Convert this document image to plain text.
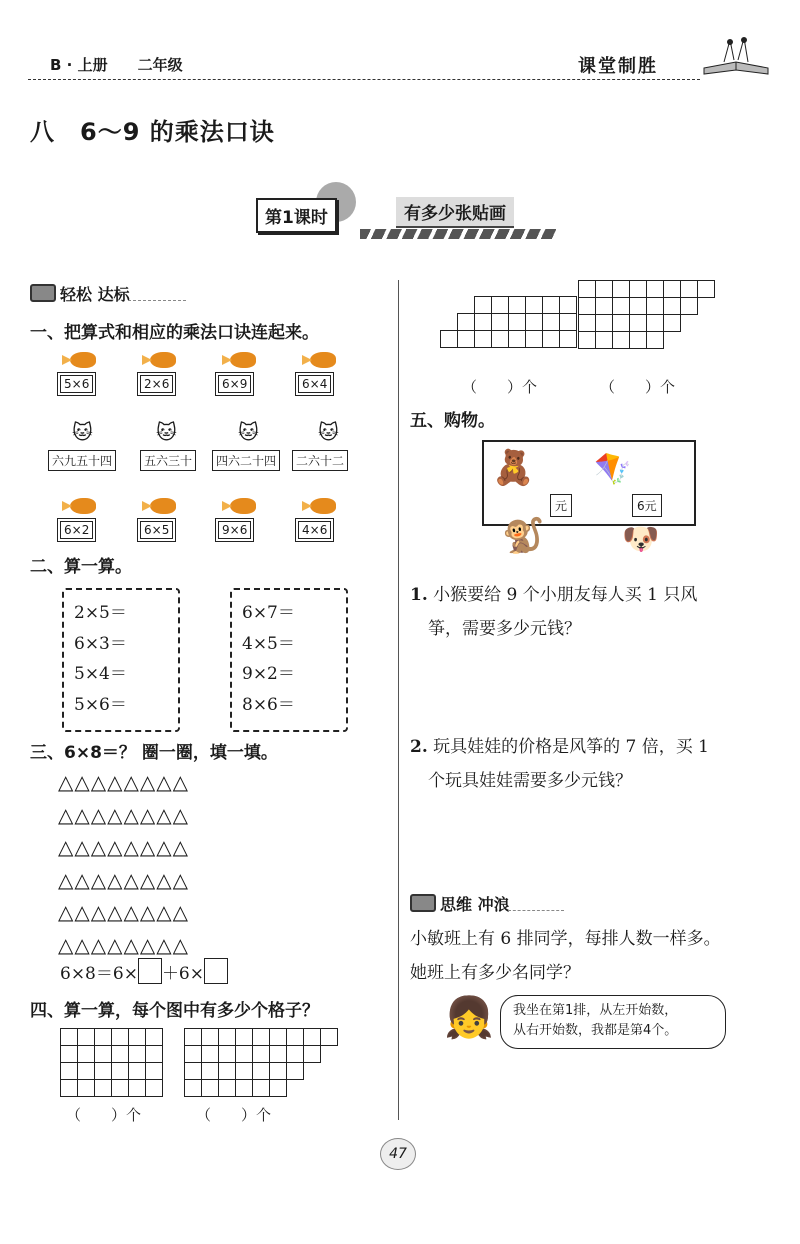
B · 上册　　二年级	课堂制胜
八　6～9 的乘法口诀
第1课时	有多少张贴画
轻松 达标
一、把算式和相应的乘法口诀连起来。
5×6	2×6	6×9	6×4
🐱	🐱	🐱	🐱
六九五十四	五六三十	四六二十四	二六十二
6×2	6×5	9×6	4×6
二、算一算。
2×5＝
6×3＝
5×4＝
5×6＝
6×7＝
4×5＝
9×2＝
8×6＝
三、6×8＝？ 圈一圈，填一填。
△△△△△△△△
△△△△△△△△
△△△△△△△△
△△△△△△△△
△△△△△△△△
△△△△△△△△
6×8＝6× ＋6×
四、算一算，每个图中有多少个格子？

（　　）个	（　　）个

（　　）个	（　　）个
五、购物。
🧸 🪁
元	6元
🐒	🐶
1. 小猴要给 9 个小朋友每人买 1 只风
筝，需要多少元钱？
2. 玩具娃娃的价格是风筝的 7 倍，买 1
个玩具娃娃需要多少元钱？
思维 冲浪
小敏班上有 6 排同学，每排人数一样多。
她班上有多少名同学？
👧 我坐在第1排，从左开始数，
从右开始数，我都是第4个。
47
